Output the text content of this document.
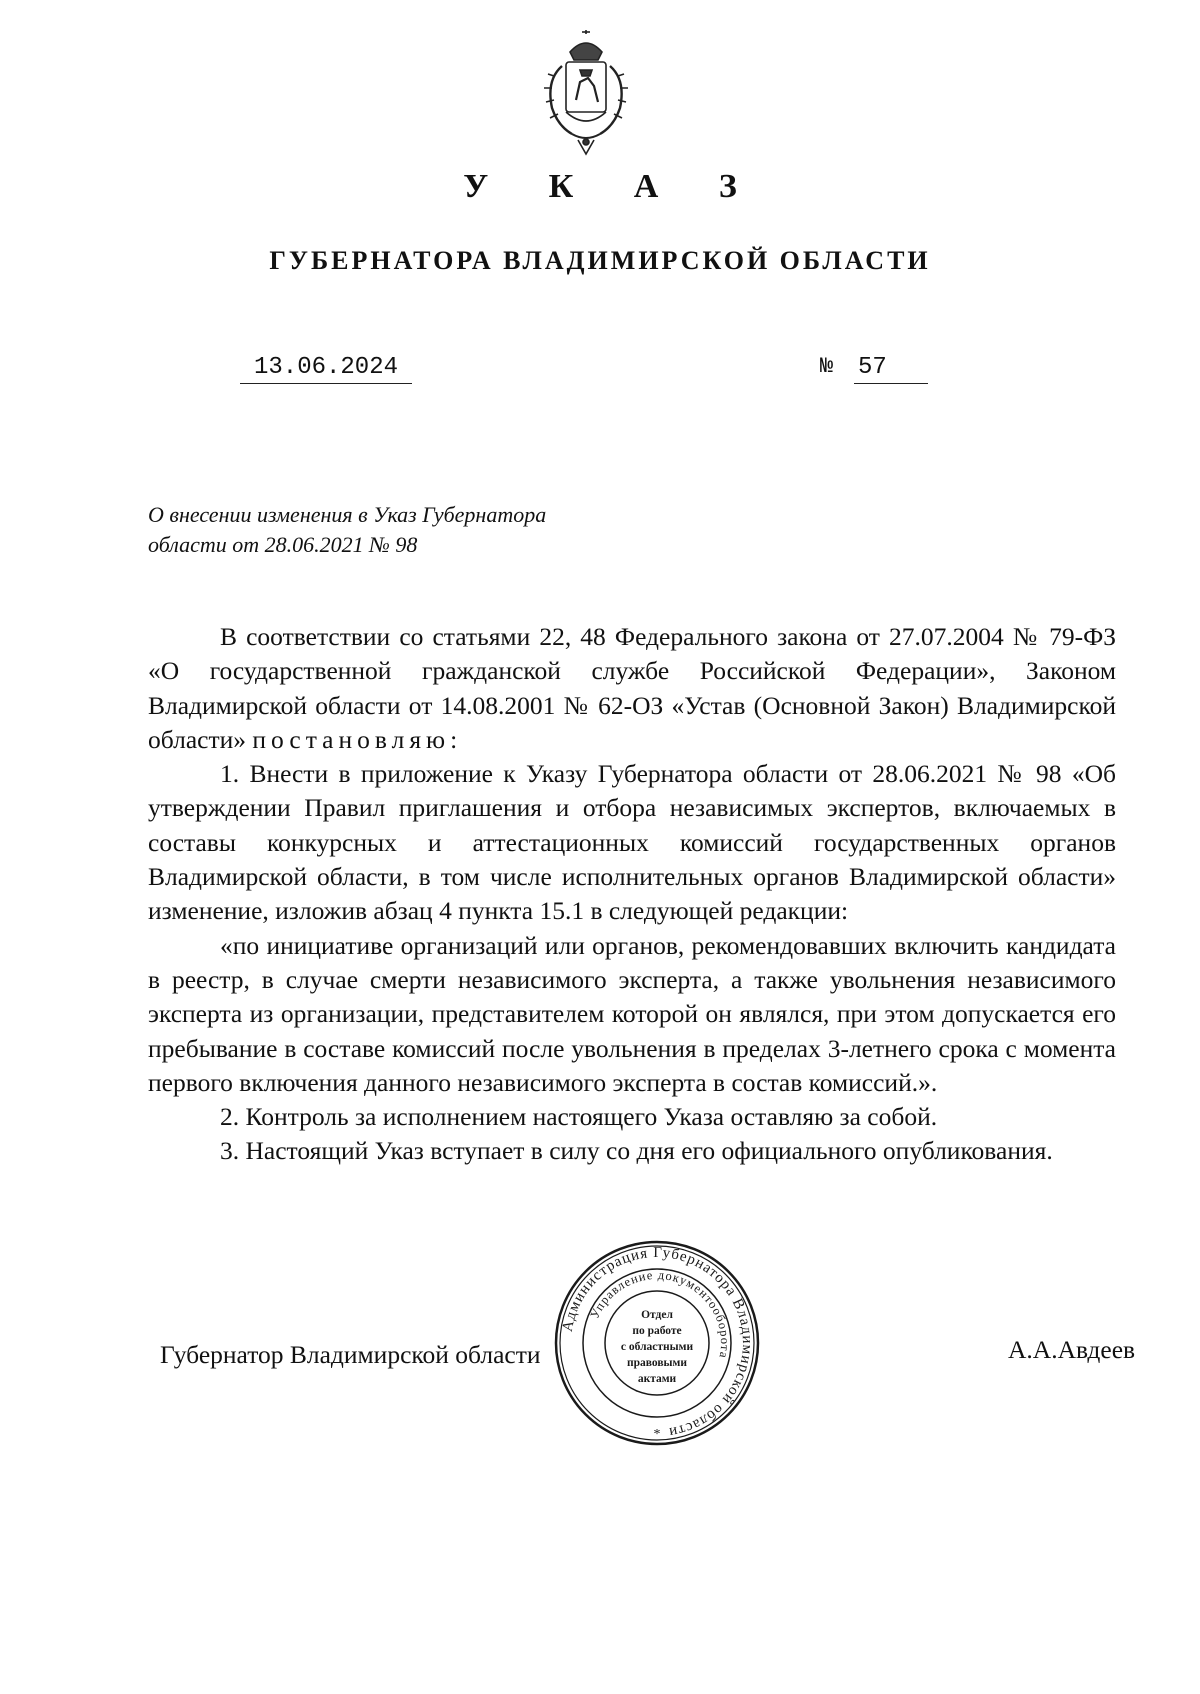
У К А З
ГУБЕРНАТОРА ВЛАДИМИРСКОЙ ОБЛАСТИ
13.06.2024	№ 57
О внесении изменения в Указ Губернатора
области от 28.06.2021 № 98

В соответствии со статьями 22, 48 Федерального закона от 27.07.2004 № 79-ФЗ «О государственной гражданской службе Российской Федерации», Законом Владимирской области от 14.08.2001 № 62-ОЗ «Устав (Основной Закон) Владимирской области» постановляю:

1. Внести в приложение к Указу Губернатора области от 28.06.2021 № 98 «Об утверждении Правил приглашения и отбора независимых экспертов, включаемых в составы конкурсных и аттестационных комиссий государственных органов Владимирской области, в том числе исполнительных органов Владимирской области» изменение, изложив абзац 4 пункта 15.1 в следующей редакции:

«по инициативе организаций или органов, рекомендовавших включить кандидата в реестр, в случае смерти независимого эксперта, а также увольнения независимого эксперта из организации, представителем которой он являлся, при этом допускается его пребывание в составе комиссий после увольнения в пределах 3-летнего срока с момента первого включения данного независимого эксперта в состав комиссий.».

2. Контроль за исполнением настоящего Указа оставляю за собой.

3. Настоящий Указ вступает в силу со дня его официального опубликования.

Губернатор Владимирской области	А.А.Авдеев
Администрация Губернатора Владимирской области
Управление документооборота
Отдел
по работе
с областными
правовыми
актами
*
